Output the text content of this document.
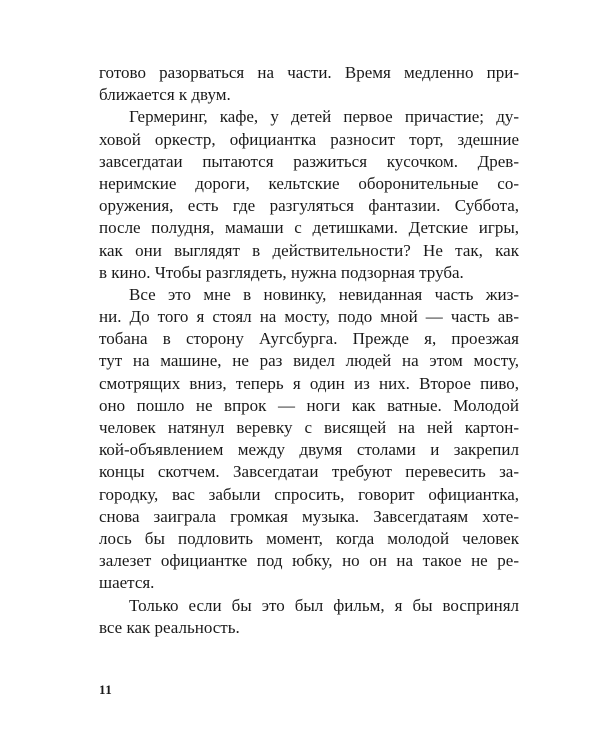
готово разорваться на части. Время медленно при-
ближается к двум.
Гермеринг, кафе, у детей первое причастие; ду-
ховой оркестр, официантка разносит торт, здешние
завсегдатаи пытаются разжиться кусочком. Древ-
неримские дороги, кельтские оборонительные со-
оружения, есть где разгуляться фантазии. Суббота,
после полудня, мамаши с детишками. Детские игры,
как они выглядят в действительности? Не так, как
в кино. Чтобы разглядеть, нужна подзорная труба.
Все это мне в новинку, невиданная часть жиз-
ни. До того я стоял на мосту, подо мной — часть ав-
тобана в сторону Аугсбурга. Прежде я, проезжая
тут на машине, не раз видел людей на этом мосту,
смотрящих вниз, теперь я один из них. Второе пиво,
оно пошло не впрок — ноги как ватные. Молодой
человек натянул веревку с висящей на ней картон-
кой-объявлением между двумя столами и закрепил
концы скотчем. Завсегдатаи требуют перевесить за-
городку, вас забыли спросить, говорит официантка,
снова заиграла громкая музыка. Завсегдатаям хоте-
лось бы подловить момент, когда молодой человек
залезет официантке под юбку, но он на такое не ре-
шается.
Только если бы это был фильм, я бы воспринял
все как реальность.
11
